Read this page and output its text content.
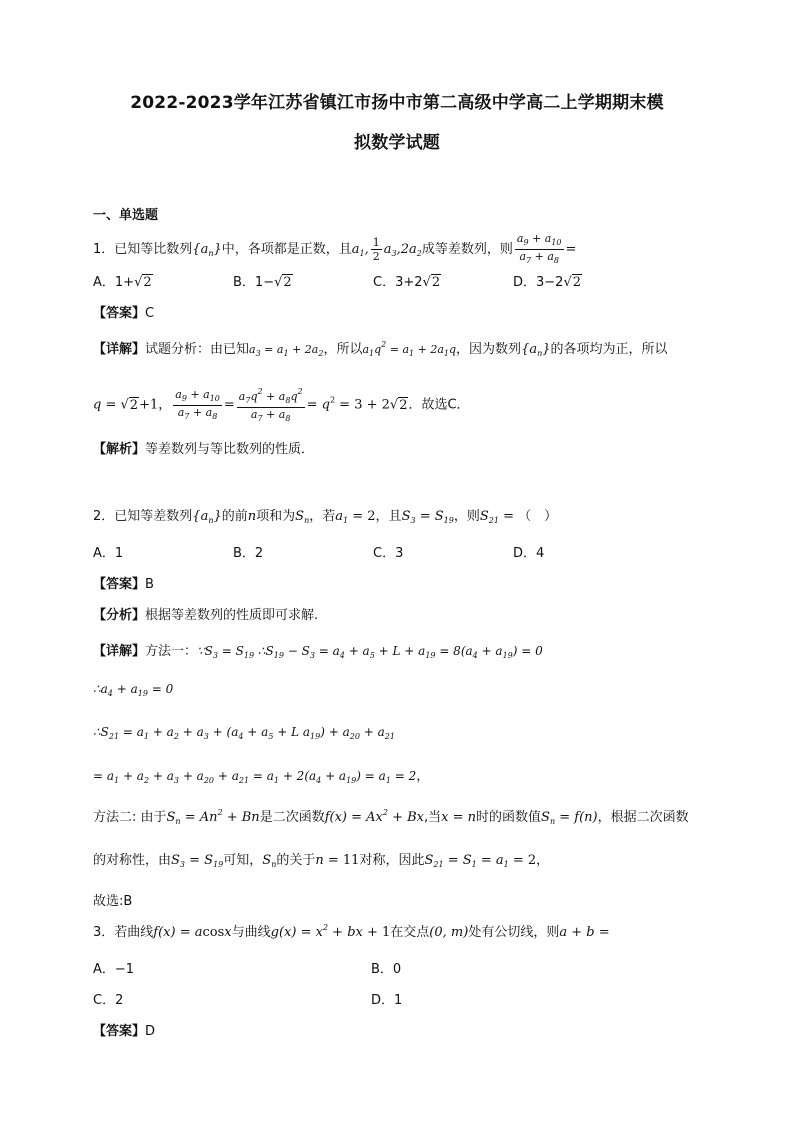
2022-2023学年江苏省镇江市扬中市第二高级中学高二上学期期末模
拟数学试题
一、单选题
1．已知等比数列$\{a_n\}$中，各项都是正数，且$a_1$, $\frac{1}{2} a_3,2a_2$成等差数列，则 $\frac{a_9 + a_{10}}{a_7 + a_8}$ =
A．1+√2	B．1−√2	C．3+2√2	D．3−2√2
【答案】C
【详解】试题分析：由已知$a_3 = a_1 + 2a_2$，所以$a_1q^2 = a_1 + 2a_1q$，因为数列$\{a_n\}$的各项均为正，所以
q = √2+1， $\frac{a_9 + a_{10}}{a_7 + a_8} = \frac{a_7q^2 + a_8q^2}{a_7 + a_8} = q^2 = 3 + 2√2$．故选C．
【解析】等差数列与等比数列的性质．
2．已知等差数列$\{a_n\}$的前n项和为$S_n$，若$a_1 = 2$，且$S_3 = S_{19}$，则$S_{21}$ = （　）
A．1	B．2	C．3	D．4
【答案】B
【分析】根据等差数列的性质即可求解.
【详解】方法一：$\because S_3 = S_{19}$ $\therefore S_{19} - S_3 = a_4 + a_5 + L + a_{19} = 8(a_4 + a_{19}) = 0$
$\therefore a_4 + a_{19} = 0$
$\therefore S_{21} = a_1 + a_2 + a_3 + (a_4 + a_5 + L$ $a_{19}) + a_{20} + a_{21}$
= $a_1 + a_2 + a_3 + a_{20} + a_{21} = a_1 + 2(a_4 + a_{19}) = a_1 = 2$，
方法二: 由于$S_n = An^2 + Bn$是二次函数$f(x) = Ax^2 + Bx$,当x = n时的函数值$S_n = f(n)$，根据二次函数
的对称性，由$S_3 = S_{19}$可知，$S_n$的关于n = 11对称，因此$S_{21} = S_1 = a_1 = 2$，
故选:B
3．若曲线f(x) = acosx与曲线$g(x) = x^2$ + bx + 1在交点(0, m)处有公切线，则a + b =
A．−1	B．0
C．2	D．1
【答案】D
